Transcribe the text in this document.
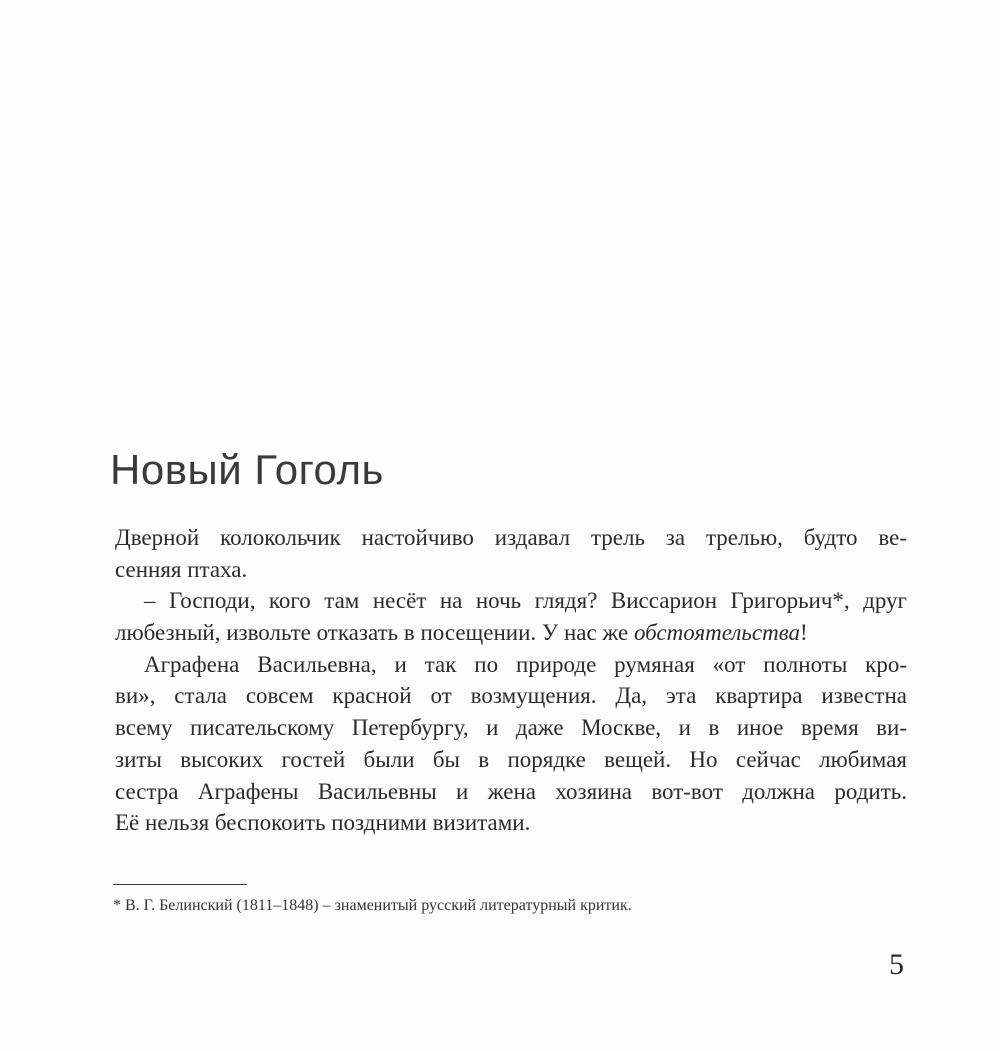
Новый Гоголь
Дверной колокольчик настойчиво издавал трель за трелью, будто ве-
сенняя птаха.
– Господи, кого там несёт на ночь глядя? Виссарион Григорьич*, друг
любезный, извольте отказать в посещении. У нас же обстоятельства!
Аграфена Васильевна, и так по природе румяная «от полноты кро-
ви», стала совсем красной от возмущения. Да, эта квартира известна
всему писательскому Петербургу, и даже Москве, и в иное время ви-
зиты высоких гостей были бы в порядке вещей. Но сейчас любимая
сестра Аграфены Васильевны и жена хозяина вот-вот должна родить.
Её нельзя беспокоить поздними визитами.

* В. Г. Белинский (1811–1848) – знаменитый русский литературный критик.

5
